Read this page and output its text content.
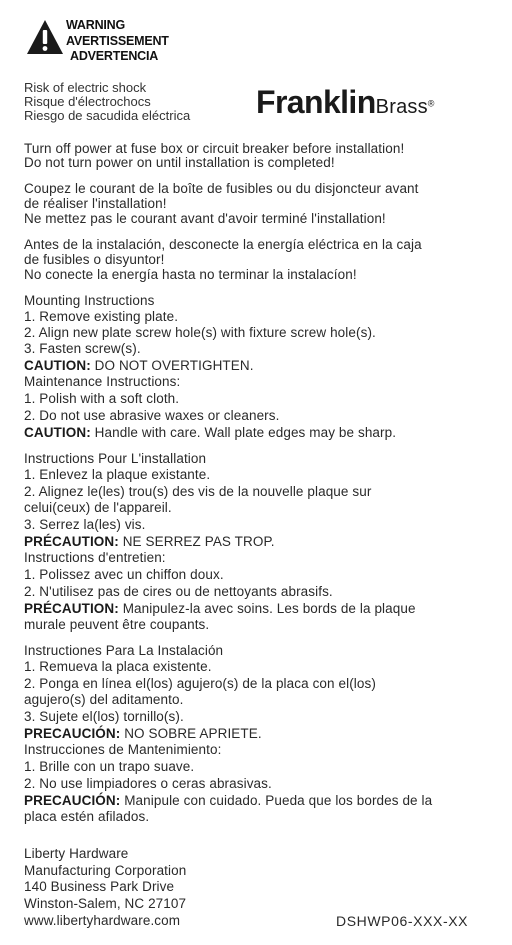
WARNING
AVERTISSEMENT
ADVERTENCIA
Risk of electric shock
Risque d'électrochocs
Riesgo de sacudida eléctrica FranklinBrass®
Turn off power at fuse box or circuit breaker before installation!
Do not turn power on until installation is completed!
Coupez le courant de la boîte de fusibles ou du disjoncteur avant
de réaliser l'installation!
Ne mettez pas le courant avant d'avoir terminé l'installation!
Antes de la instalación, desconecte la energía eléctrica en la caja
de fusibles o disyuntor!
No conecte la energía hasta no terminar la instalacíon!
Mounting Instructions
1. Remove existing plate.
2. Align new plate screw hole(s) with fixture screw hole(s).
3. Fasten screw(s).
CAUTION: DO NOT OVERTIGHTEN.
Maintenance Instructions:
1. Polish with a soft cloth.
2. Do not use abrasive waxes or cleaners.
CAUTION: Handle with care. Wall plate edges may be sharp.
Instructions Pour L'installation
1. Enlevez la plaque existante.
2. Alignez le(les) trou(s) des vis de la nouvelle plaque sur
celui(ceux) de l'appareil.
3. Serrez la(les) vis.
PRÉCAUTION: NE SERREZ PAS TROP.
Instructions d'entretien:
1. Polissez avec un chiffon doux.
2. N'utilisez pas de cires ou de nettoyants abrasifs.
PRÉCAUTION: Manipulez-la avec soins. Les bords de la plaque
murale peuvent être coupants.
Instructiones Para La Instalación
1. Remueva la placa existente.
2. Ponga en línea el(los) agujero(s) de la placa con el(los)
agujero(s) del aditamento.
3. Sujete el(los) tornillo(s).
PRECAUCIÓN: NO SOBRE APRIETE.
Instrucciones de Mantenimiento:
1. Brille con un trapo suave.
2. No use limpiadores o ceras abrasivas.
PRECAUCIÓN: Manipule con cuidado. Pueda que los bordes de la
placa estén afilados.
Liberty Hardware
Manufacturing Corporation
140 Business Park Drive
Winston-Salem, NC 27107
www.libertyhardware.com	DSHWP06-XXX-XX
